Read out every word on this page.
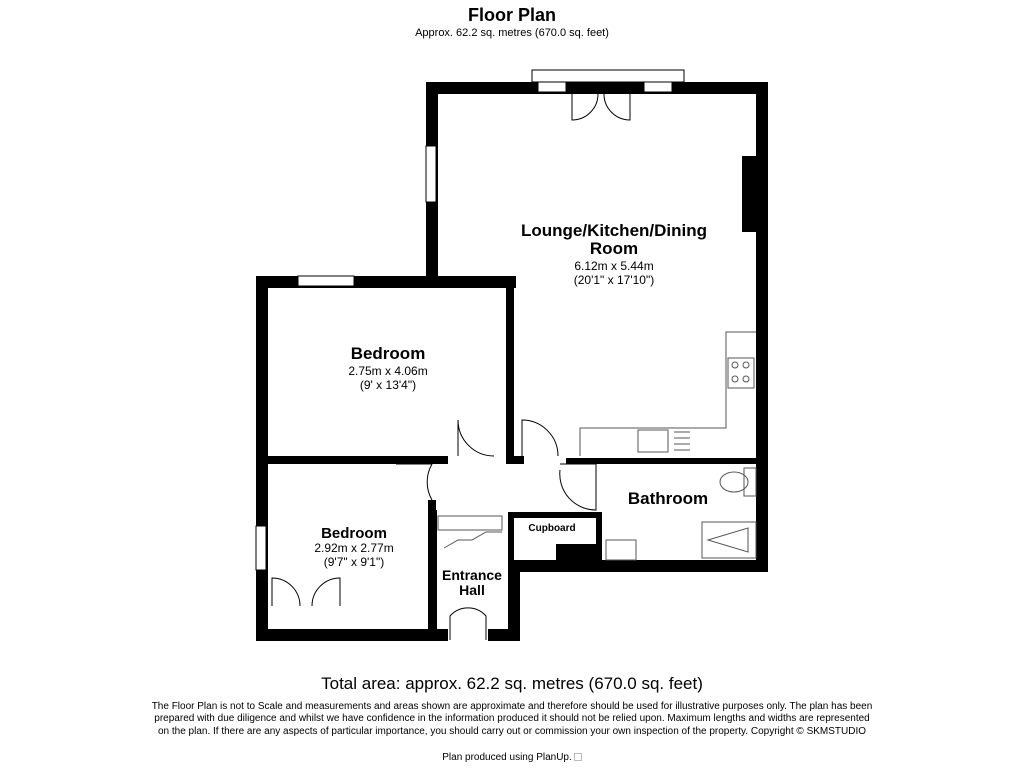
Floor Plan
Approx. 62.2 sq. metres (670.0 sq. feet)
Lounge/Kitchen/Dining
Room
6.12m x 5.44m
(20'1" x 17'10")
Bedroom
2.75m x 4.06m
(9' x 13'4")
Bedroom
2.92m x 2.77m
(9'7" x 9'1")
Bathroom
Cupboard
Entrance
Hall
Total area: approx. 62.2 sq. metres (670.0 sq. feet)
The Floor Plan is not to Scale and measurements and areas shown are approximate and therefore should be used for illustrative purposes only. The plan has been prepared with due diligence and whilst we have confidence in the information produced it should not be relied upon. Maximum lengths and widths are represented on the plan. If there are any aspects of particular importance, you should carry out or commission your own inspection of the property. Copyright © SKMSTUDIO
Plan produced using PlanUp.
